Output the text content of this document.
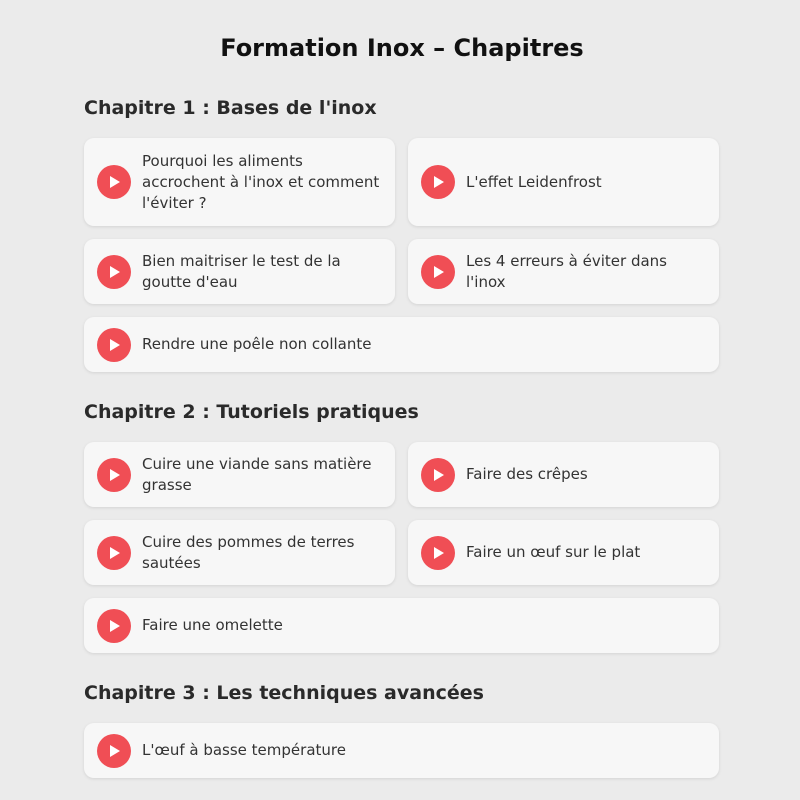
Formation Inox – Chapitres
Chapitre 1 : Bases de l'inox
Pourquoi les aliments accrochent à l'inox et comment l'éviter ?
L'effet Leidenfrost
Bien maitriser le test de la goutte d'eau
Les 4 erreurs à éviter dans l'inox
Rendre une poêle non collante
Chapitre 2 : Tutoriels pratiques
Cuire une viande sans matière grasse
Faire des crêpes
Cuire des pommes de terres sautées
Faire un œuf sur le plat
Faire une omelette
Chapitre 3 : Les techniques avancées
L'œuf à basse température
